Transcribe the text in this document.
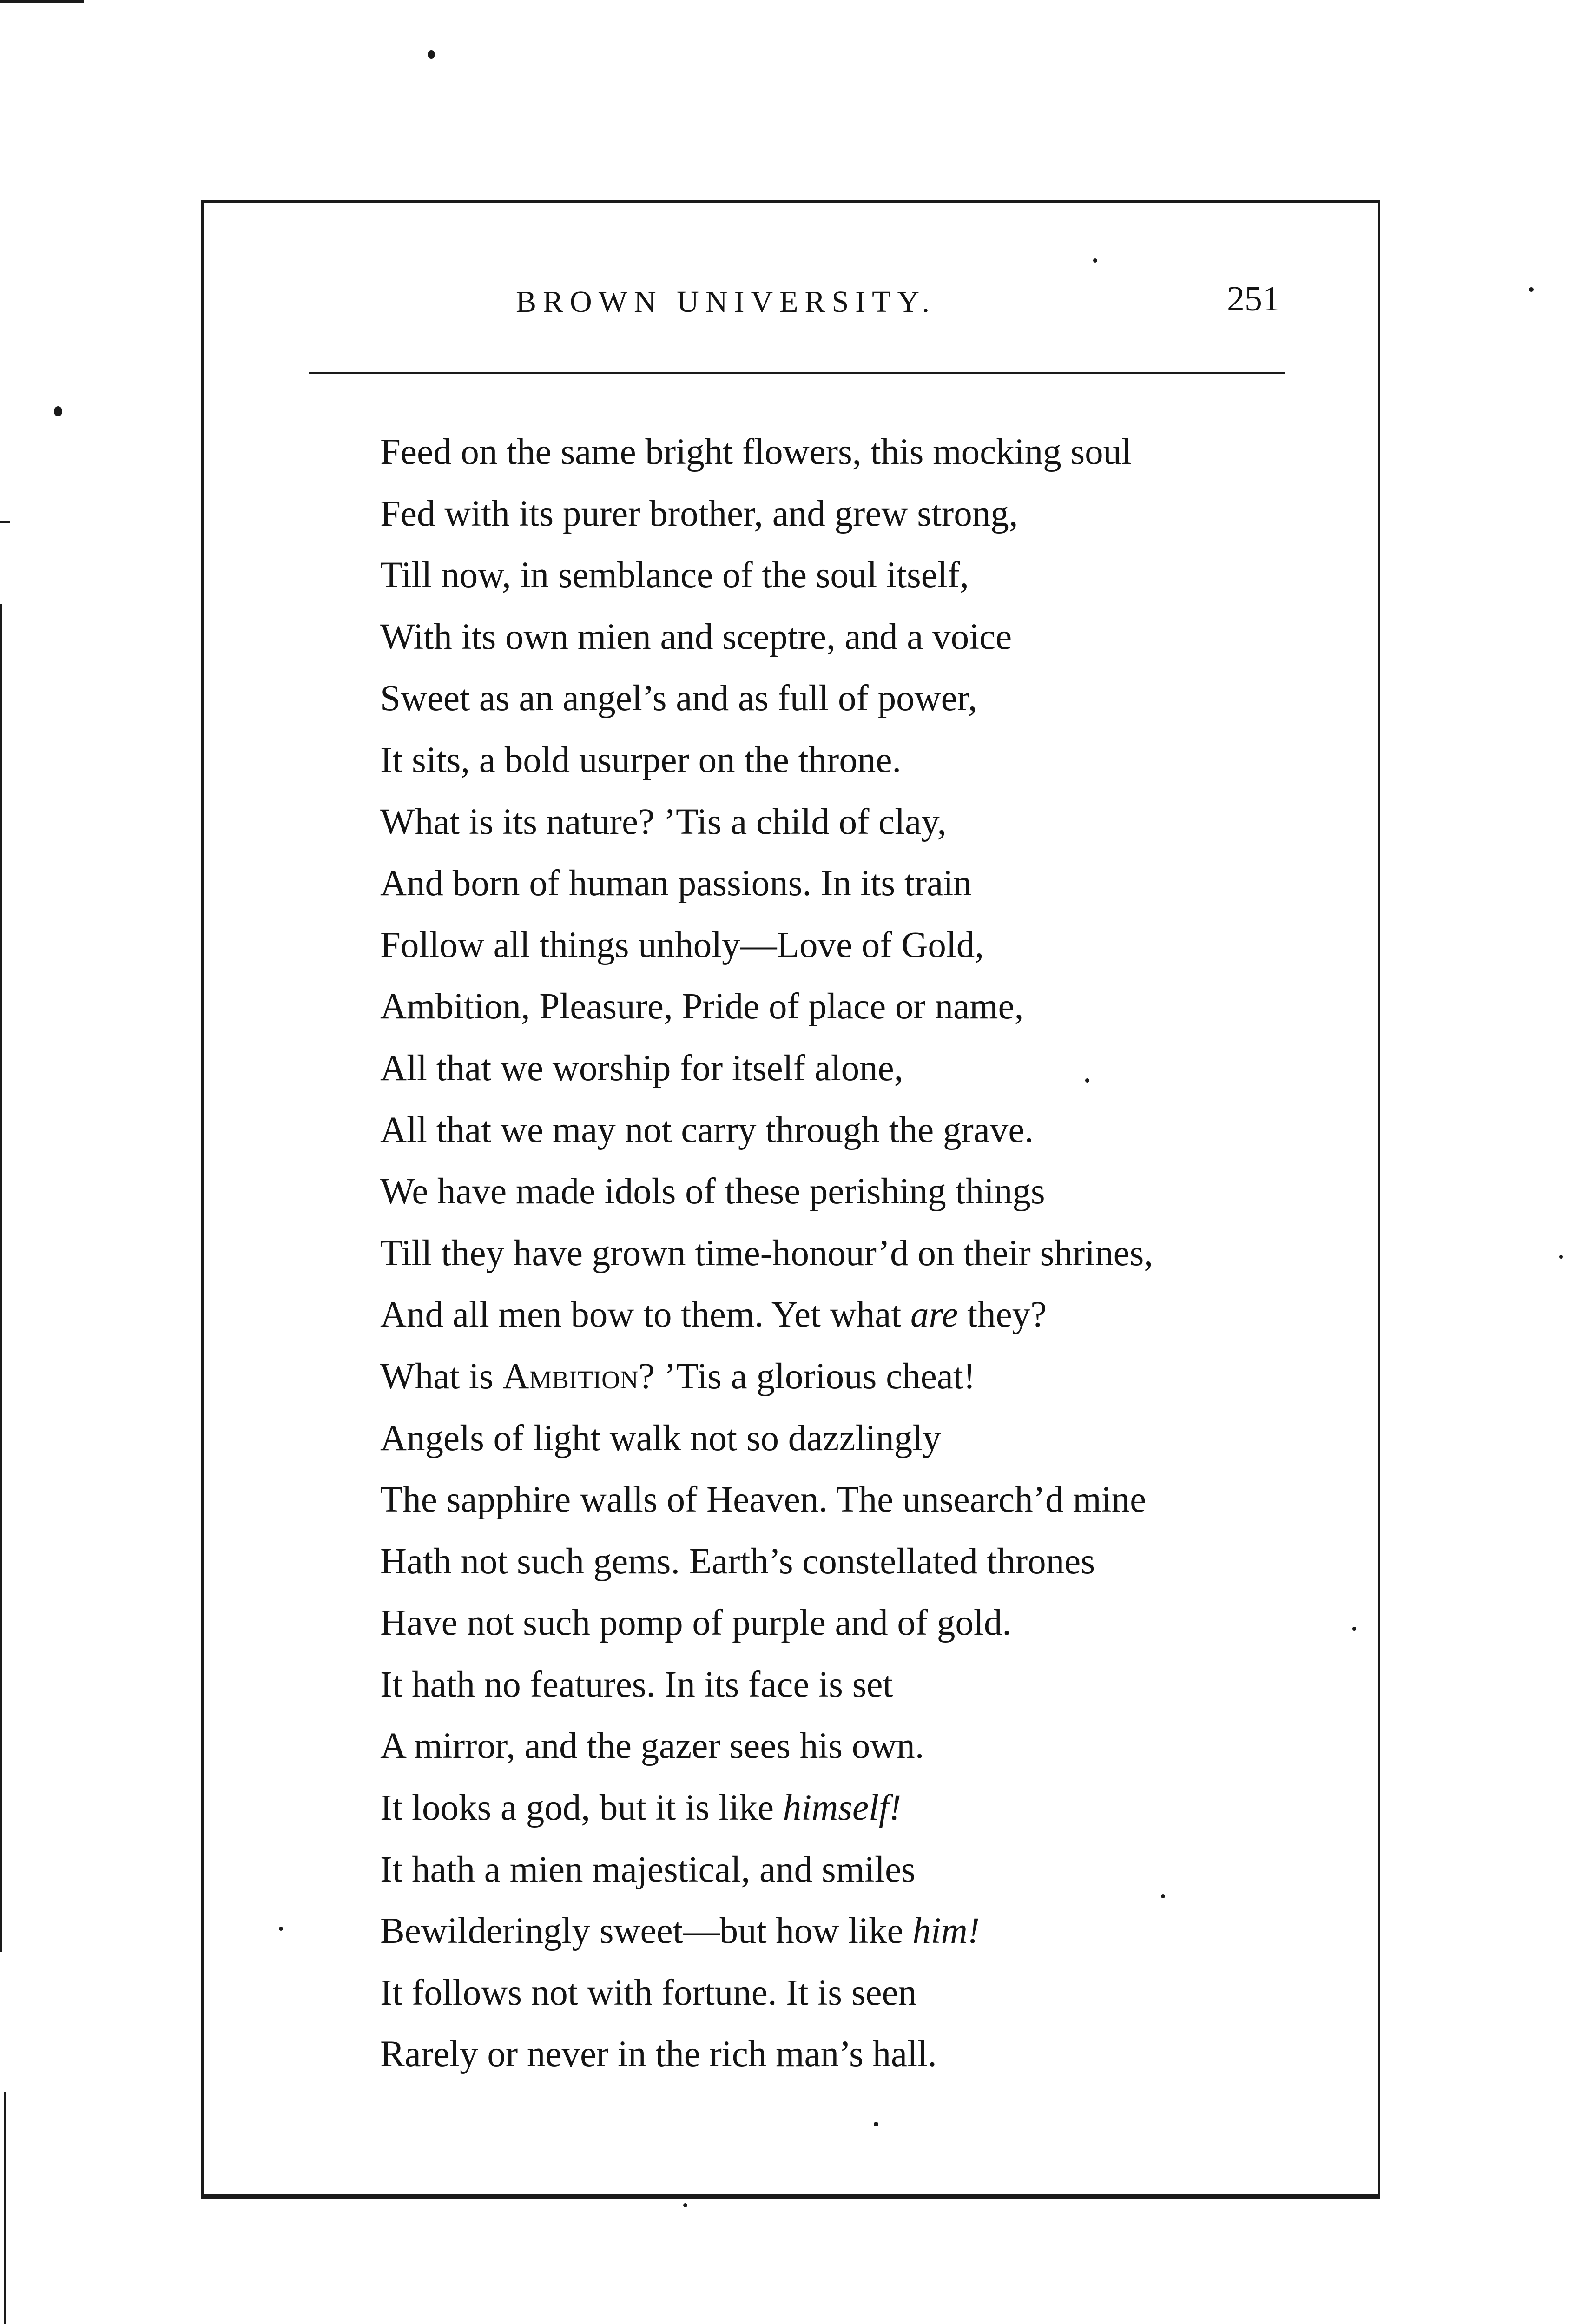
BROWN UNIVERSITY.	251
Feed on the same bright flowers, this mocking soul
Fed with its purer brother, and grew strong,
Till now, in semblance of the soul itself,
With its own mien and sceptre, and a voice
Sweet as an angel’s and as full of power,
It sits, a bold usurper on the throne.
What is its nature? ’Tis a child of clay,
And born of human passions. In its train
Follow all things unholy—Love of Gold,
Ambition, Pleasure, Pride of place or name,
All that we worship for itself alone,
All that we may not carry through the grave.
We have made idols of these perishing things
Till they have grown time-honour’d on their shrines,
And all men bow to them. Yet what are they?
What is Ambition? ’Tis a glorious cheat!
Angels of light walk not so dazzlingly
The sapphire walls of Heaven. The unsearch’d mine
Hath not such gems. Earth’s constellated thrones
Have not such pomp of purple and of gold.
It hath no features. In its face is set
A mirror, and the gazer sees his own.
It looks a god, but it is like himself!
It hath a mien majestical, and smiles
Bewilderingly sweet—but how like him!
It follows not with fortune. It is seen
Rarely or never in the rich man’s hall.
